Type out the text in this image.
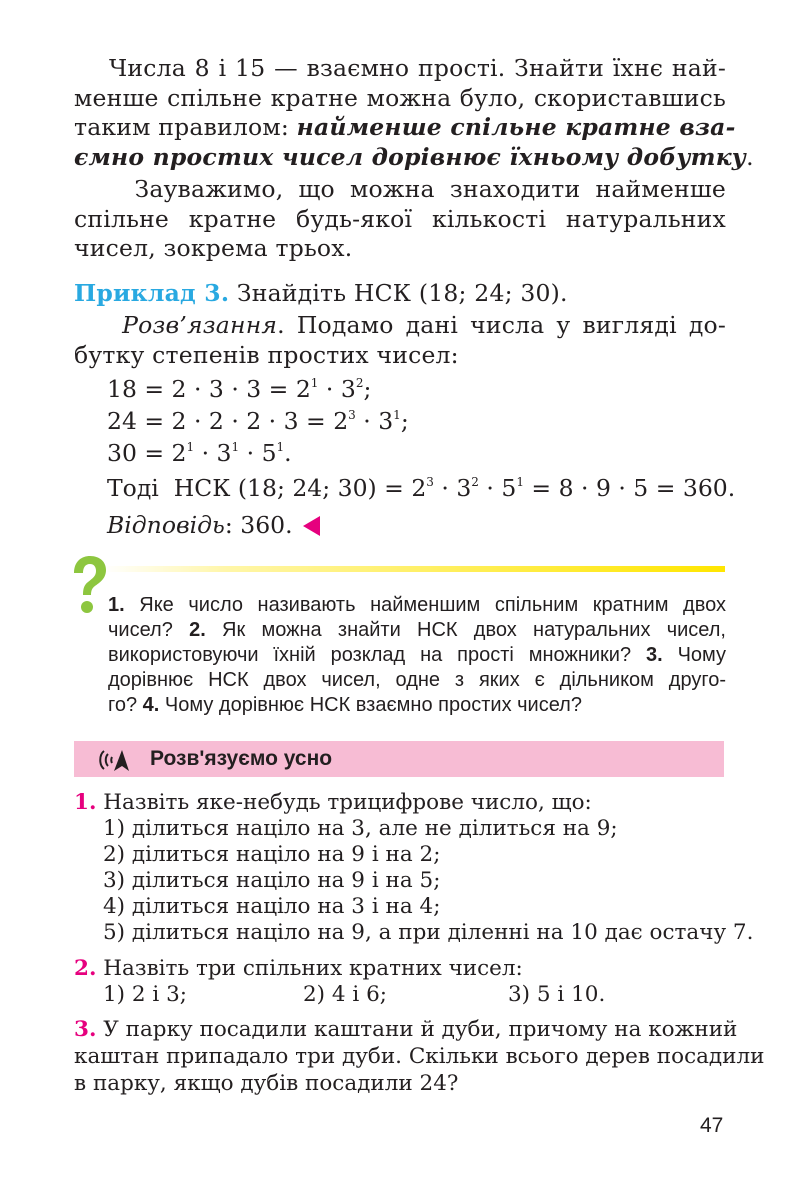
Числа 8 і 15 — взаємно прості. Знайти їхнє най-
менше спільне кратне можна було, скориставшись
таким правилом: найменше спільне кратне вза-
ємно простих чисел дорівнює їхньому добутку.
Зауважимо, що можна знаходити найменше
спільне кратне будь-якої кількості натуральних
чисел, зокрема трьох.
Приклад 3. Знайдіть НСК (18; 24; 30).
Розв’язання. Подамо дані числа у вигляді до-
бутку степенів простих чисел:
$18 = 2 \cdot 3 \cdot 3 = 2^1 \cdot 3^2$;
$24 = 2 \cdot 2 \cdot 2 \cdot 3 = 2^3 \cdot 3^1$;
$30 = 2^1 \cdot 3^1 \cdot 5^1$.
Тоді  НСК (18; 24; $30) = 2^3 \cdot 3^2 \cdot 5^1 = 8 \cdot 9 \cdot 5 = 360$.
Відповідь: 360.
1. Яке число називають найменшим спільним кратним двох
чисел? 2. Як можна знайти НСК двох натуральних чисел,
використовуючи їхній розклад на прості множники? 3. Чому
дорівнює НСК двох чисел, одне з яких є дільником друго-
го? 4. Чому дорівнює НСК взаємно простих чисел?
Розв'язуємо усно
1. Назвіть яке-небудь трицифрове число, що:
1) ділиться націло на 3, але не ділиться на 9;
2) ділиться націло на 9 і на 2;
3) ділиться націло на 9 і на 5;
4) ділиться націло на 3 і на 4;
5) ділиться націло на 9, а при діленні на 10 дає остачу 7.
2. Назвіть три спільних кратних чисел:
1) 2 і 3;	2) 4 і 6;	3) 5 і 10.
3. У парку посадили каштани й дуби, причому на кожний
каштан припадало три дуби. Скільки всього дерев посадили
в парку, якщо дубів посадили 24?
47
